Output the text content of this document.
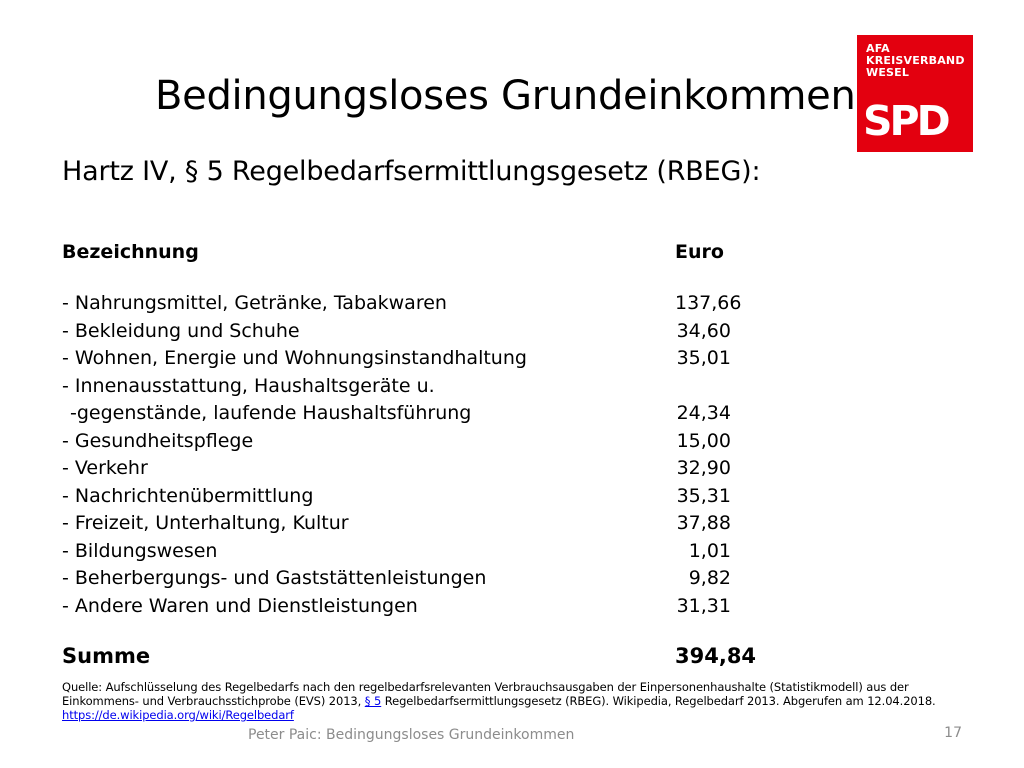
Bedingungsloses Grundeinkommen
AFA
KREISVERBAND
WESEL
SPD
Hartz IV, § 5 Regelbedarfsermittlungsgesetz (RBEG):
Bezeichnung	Euro
- Nahrungsmittel, Getränke, Tabakwaren	137,66
- Bekleidung und Schuhe	34,60
- Wohnen, Energie und Wohnungsinstandhaltung	35,01
- Innenausstattung, Haushaltsgeräte u.
-gegenstände, laufende Haushaltsführung	24,34
- Gesundheitspflege	15,00
- Verkehr	32,90
- Nachrichtenübermittlung	35,31
- Freizeit, Unterhaltung, Kultur	37,88
- Bildungswesen	1,01
- Beherbergungs- und Gaststättenleistungen	9,82
- Andere Waren und Dienstleistungen	31,31
Summe	394,84
Quelle: Aufschlüsselung des Regelbedarfs nach den regelbedarfsrelevanten Verbrauchsausgaben der Einpersonenhaushalte (Statistikmodell) aus der Einkommens- und Verbrauchsstichprobe (EVS) 2013, § 5 Regelbedarfsermittlungsgesetz (RBEG). Wikipedia, Regelbedarf 2013. Abgerufen am 12.04.2018.
https://de.wikipedia.org/wiki/Regelbedarf
Peter Paic: Bedingungsloses Grundeinkommen	17
